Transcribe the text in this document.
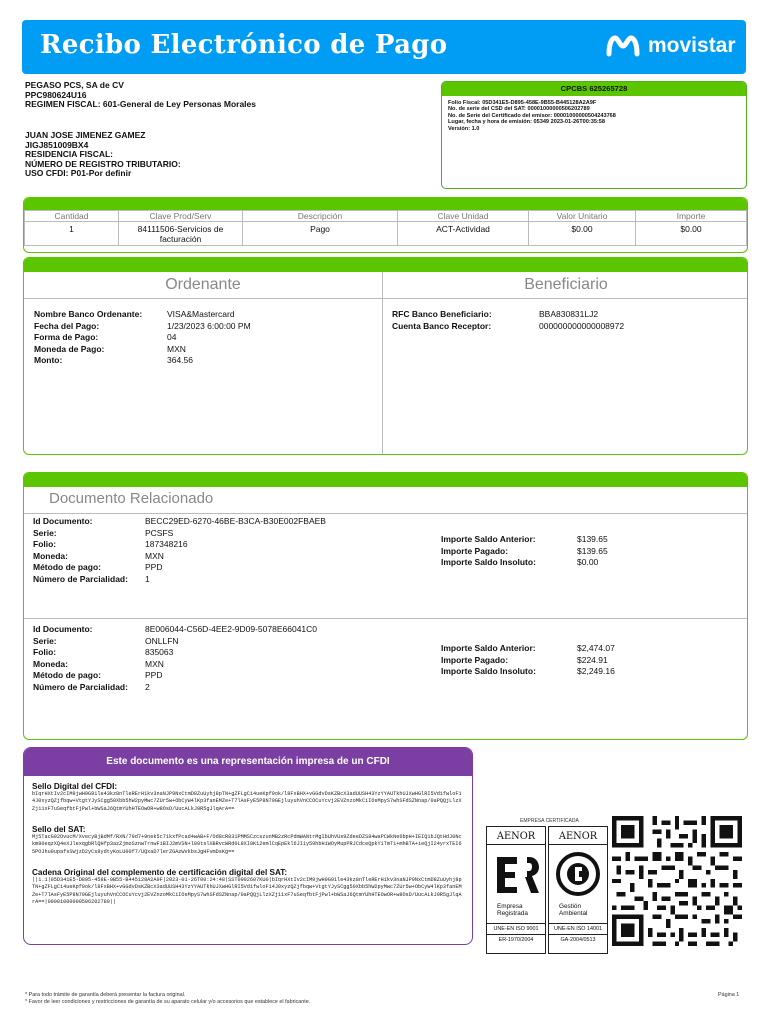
Recibo Electrónico de Pago	movistar
PEGASO PCS, SA de CV
PPC980624U16
REGIMEN FISCAL: 601-General de Ley Personas Morales
JUAN JOSE JIMENEZ GAMEZ
JIGJ851009BX4
RESIDENCIA FISCAL:
NÚMERO DE REGISTRO TRIBUTARIO:
USO CFDI: P01-Por definir
CPCBS 625265728
Folio Fiscal: 05D341E5-D895-458E-9B55-B445128A2A9F
No. de serie del CSD del SAT: 00001000000506202789
No. de Serie del Certificado del emisor: 00001000000504243768
Lugar, fecha y hora de emisión: 05349 2023-01-26T00:35:58
Versión: 1.0
Cantidad	Clave Prod/Serv	Descripción	Clave Unidad	Valor Unitario	Importe
1	84111506-Servicios de facturación	Pago	ACT-Actividad	$0.00	$0.00
Ordenante	Beneficiario
Nombre Banco Ordenante:	VISA&Mastercard
Fecha del Pago:	1/23/2023 6:00:00 PM
Forma de Pago:	04
Moneda de Pago:	MXN
Monto:	364.56
RFC Banco Beneficiario:	BBA830831LJ2
Cuenta Banco Receptor:	000000000000008972
Documento Relacionado
Id Documento:	BECC29ED-6270-46BE-B3CA-B30E002FBAEB
Serie:	PCSFS
Folio:	187348216
Moneda:	MXN
Método de pago:	PPD
Número de Parcialidad:	1
Importe Saldo Anterior:	$139.65
Importe Pagado:	$139.65
Importe Saldo Insoluto:	$0.00
Id Documento:	8E006044-C56D-4EE2-9D09-5078E66041C0
Serie:	ONLLFN
Folio:	835063
Moneda:	MXN
Método de pago:	PPD
Número de Parcialidad:	2
Importe Saldo Anterior:	$2,474.07
Importe Pagado:	$224.91
Importe Saldo Insoluto:	$2,249.16
Este documento es una representación impresa de un CFDI
Sello Digital del CFDI:
bIqrHXtIv2cIM9jwH9G91le43kz8nTleRErH1kv3naNJP9NxCtmD8ZuUyhj8pTN+gZFLgCi4ueKpf9ok/l8FxBHX+vGGdvDsKZBcX3adUUSH43YzYYAUTkhUJXwHGlRI5Vd1fwloF14J0xyzQZjfbqw+VtgtYJySCgg50Xbb5hW2pyMwc7ZUr5w+ObCyW4lKp3fanEMZe+T7lAsFyE5P8N79GEjluyuhVnCCOCuYcvj2EVZnzoMkCiIOsMpyS7whSFdSZNnap/0aPQQjLlzXZj11xF7uSeqfbtFjPwl+bWSaJ6QtmYUhHTEOwOR+w8OsD/UucALkJ9R5gJlqArA==
Sello del SAT:
Mj5TacG92OvucM/XvecyBjBdMf/RXN/79d7+9nek5c71kxfPcad4wAB+F/Od8cR831PMMSCzcszunMB2zRcPdmWANtrMgIbUhVUs9ZdeeDZS84waPCWkNe6bpH+IEIQ1bJQtHdJ0Nckm80eqzXQ4eXJlexqgbRlQHfp3azZjmoSznwTrnwF1BIJ2mVSN+l09tslXBRvcWRd0L8XI0K12emlCqEpEkl6JI1y59hbHiWOyMupPRJCdceQpkY1TmT1+mhBTA+ieQjI24yrxTEI65POJhu0upafsSWjzD2yCs8ydtyKoLU00f7/UQxaD7lerZGAzWvkbsJgHFvmDsKg==
Cadena Original del complemento de certificación digital del SAT:
||1.1|05D341E5-D895-458E-9B55-B445128A2A9F|2023-01-26T00:24:48|SST0902607KU0|bIqrHXtIv2cIM9jwH9G91le43kz8nTleRErH1kv3naNJP9NxCtmD8ZuUyhj8pTN+gZFLgCi4ueKpf9ok/l8FxBHX+vGGdvDsKZBcX3adUUSH43YzYYAUTkhUJXwHGlRI5Vd1fwloF14J0xyzQZjfbqw+VtgtYJySCgg50Xbb5hW2pyMwc7ZUr5w+ObCyW4lKp3fanEMZe+T7lAsFyE5P8N79GEjluyuhVnCCOCuYcvj2EVZnzoMkCiIOsMpyS7whSFdSZNnap/0aPQQjLlzXZj11xF7uSeqfbtFjPwl+bWSaJ6QtmYUhHTEOwOR+w8OsD/UucALkJ9R5gJlqArA==|00001000000506202789||
EMPRESA CERTIFICADA
AENOR
Empresa
Registrada
UNE-EN ISO 9001
ER-1970/2004
AENOR
Gestión
Ambiental
UNE-EN ISO 14001
GA-2004/0513
* Para todo trámite de garantía deberá presentar la factura original.
* Favor de leer condiciones y restricciones de garantía de su aparato celular y/o accesorios que establece el fabricante.
Página 1
